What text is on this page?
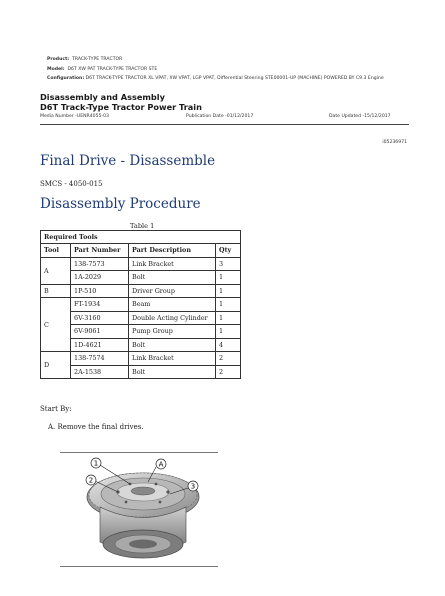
Product: TRACK-TYPE TRACTOR
Model: D6T XW PAT TRACK-TYPE TRACTOR STE
Configuration: D6T TRACK-TYPE TRACTOR XL VPAT, XW VPAT, LGP VPAT, Differential Steering STE00001-UP (MACHINE) POWERED BY C9.3 Engine
Disassembly and Assembly
D6T Track-Type Tractor Power Train
Media Number -UENR4055-03	Publication Date -01/12/2017	Date Updated -15/12/2017
i05236971
Final Drive - Disassemble
SMCS - 4050-015
Disassembly Procedure
Table 1
Required Tools			
Tool	Part Number	Part Description	Qty
A	138-7573	Link Bracket	3
	1A-2029	Bolt	1
B	1P-510	Driver Group	1
C	FT-1934	Beam	1
	6V-3160	Double Acting Cylinder	1
	6V-9061	Pump Group	1
	1D-4621	Bolt	4
D	138-7574	Link Bracket	2
	2A-1538	Bolt	2
Start By:
A. Remove the final drives.
1
2
A
3
